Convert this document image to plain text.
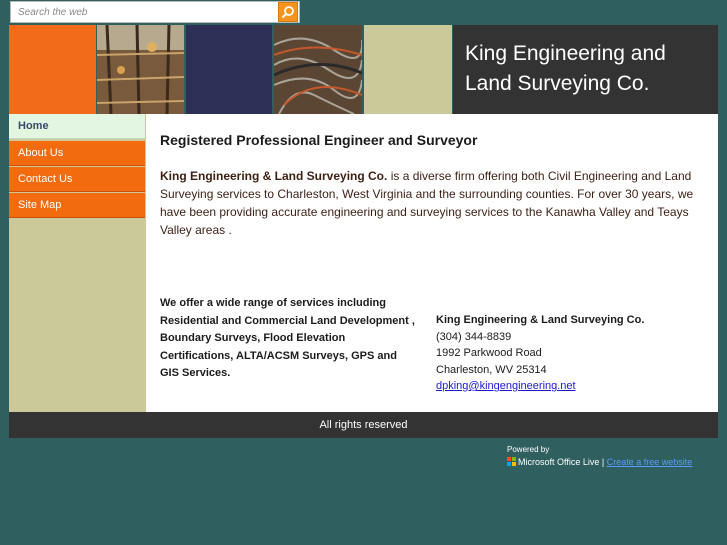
Search the web
King Engineering and Land Surveying Co.
Home
About Us
Contact Us
Site Map
Registered Professional Engineer and Surveyor
King Engineering & Land Surveying Co. is a diverse firm offering both Civil Engineering and Land Surveying services to Charleston, West Virginia and the surrounding counties. For over 30 years, we have been providing accurate engineering and surveying services to the Kanawha Valley and Teays Valley areas .
We offer a wide range of services including Residential and Commercial Land Development , Boundary Surveys, Flood Elevation Certifications, ALTA/ACSM Surveys, GPS and GIS Services.
King Engineering & Land Surveying Co.
(304) 344-8839
1992 Parkwood Road
Charleston, WV 25314
dpking@kingengineering.net
All rights reserved
Powered by
Microsoft Office Live | Create a free website
